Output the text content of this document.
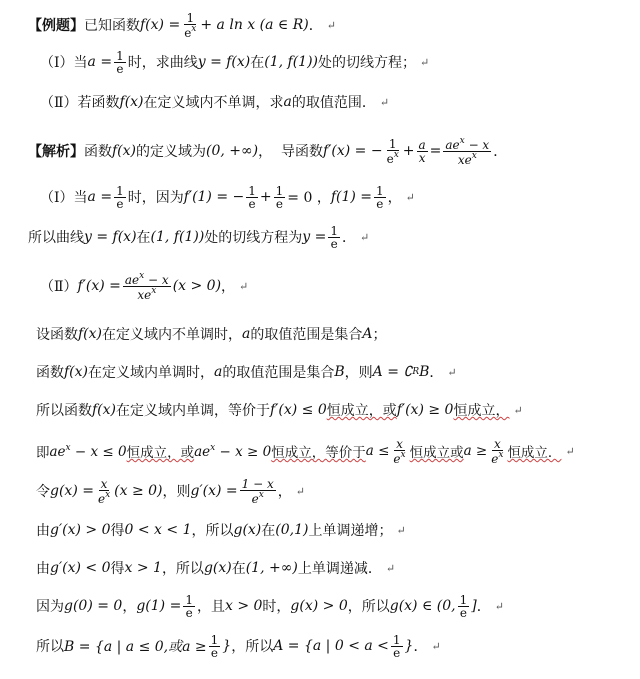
【例题】 已知函数 $f(x) = \frac{1}{e^x} + a$ ln x (a ∈ R) ． ↵
（Ⅰ）当 $a = \frac{1}{e}$ 时，求曲线 y = f(x) 在 (1, f(1)) 处的切线方程； ↵
（Ⅱ）若函数 f(x) 在定义域内不单调，求 a 的取值范围． ↵
【解析】 函数 f(x) 的定义域为 (0, +∞) ，  导函数 f′(x) = − $\frac{1}{e^x} + \frac{a}{x} = \frac{ae^x - x}{xe^x}$ ．
（Ⅰ）当 $a = \frac{1}{e}$ 时，因为 f′(1) = − $\frac{1}{e} + \frac{1}{e} = 0$ ， $f(1) = \frac{1}{e}$ ， ↵
所以曲线 y = f(x) 在 (1, f(1)) 处的切线方程为 $y = \frac{1}{e}$ ． ↵
（Ⅱ） $f'(x) = \frac{ae^x - x}{xe^x} (x > 0)$ ， ↵
设函数 f(x) 在定义域内不单调时， a 的取值范围是集合 A ；
函数 f(x) 在定义域内单调时， a 的取值范围是集合 B ，则 A = ∁ R B ． ↵
所以函数 f(x) 在定义域内单调，等价于 f′(x) ≤ 0 恒成立，或 f′(x) ≥ 0 恒成立， ↵
即 $ae^x - x \le 0$ 恒成立，或 $ae^x - x \ge 0$ 恒成立，等价于 $a \le \frac{x}{e^x}$ 恒成立或 $a \ge \frac{x}{e^x}$ 恒成立． ↵
令 $g(x) = \frac{x}{e^x} (x \ge 0)$ ，则 $g'(x) = \frac{1 - x}{e^x}$ ， ↵
由 g′(x) > 0 得 0 < x < 1 ，所以 g(x) 在 (0,1) 上单调递增； ↵
由 g′(x) < 0 得 x > 1 ，所以 g(x) 在 (1, +∞) 上单调递减． ↵
因为 g(0) = 0 ， $g(1) = \frac{1}{e}$ ，且 x > 0 时， g(x) > 0 ，所以 g(x) ∈ (0, $\frac{1}{e}$ ] ． ↵
所以 B = {a | a ≤ 0,或$a \ge \frac{1}{e}$ } ，所以 A = {a | $0 < a < \frac{1}{e}$ } ． ↵
